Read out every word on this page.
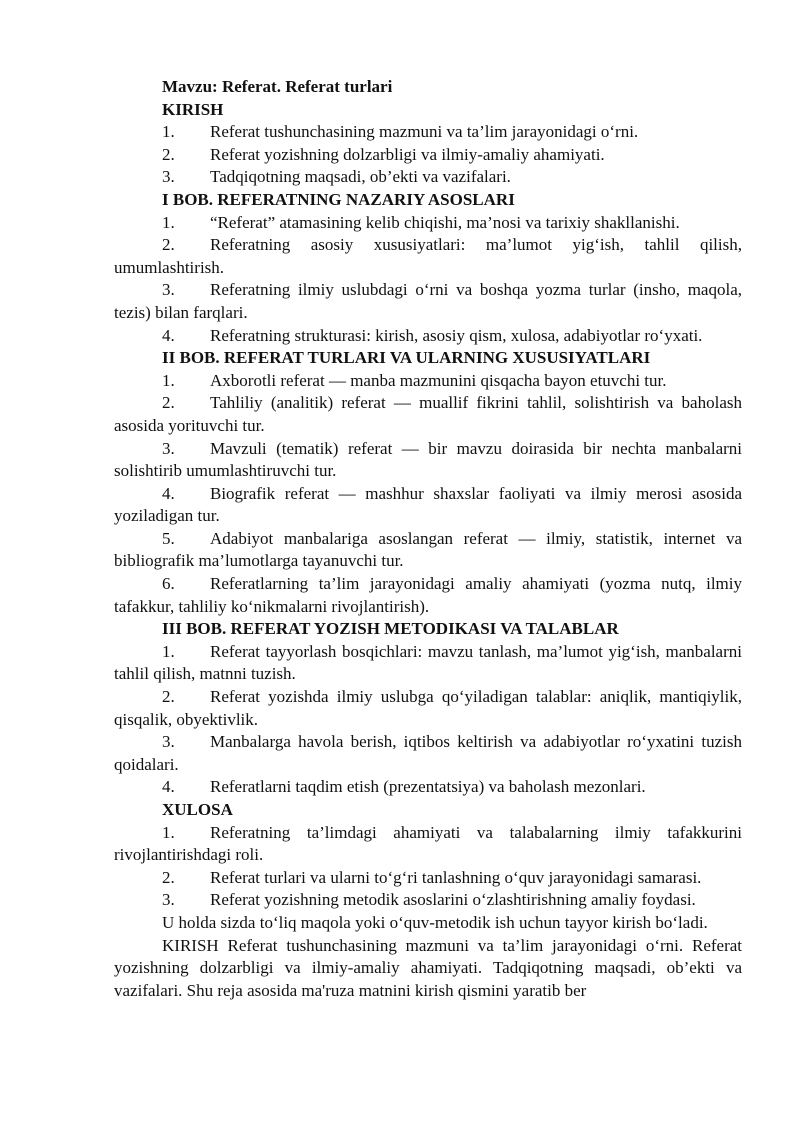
Mavzu: Referat. Referat turlari
KIRISH
1. Referat tushunchasining mazmuni va ta’lim jarayonidagi o‘rni.
2. Referat yozishning dolzarbligi va ilmiy-amaliy ahamiyati.
3. Tadqiqotning maqsadi, ob’ekti va vazifalari.
I BOB. REFERATNING NAZARIY ASOSLARI
1. “Referat” atamasining kelib chiqishi, ma’nosi va tarixiy shakllanishi.
2. Referatning asosiy xususiyatlari: ma’lumot yig‘ish, tahlil qilish, umumlashtirish.
3. Referatning ilmiy uslubdagi o‘rni va boshqa yozma turlar (insho, maqola, tezis) bilan farqlari.
4. Referatning strukturasi: kirish, asosiy qism, xulosa, adabiyotlar ro‘yxati.
II BOB. REFERAT TURLARI VA ULARNING XUSUSIYATLARI
1. Axborotli referat — manba mazmunini qisqacha bayon etuvchi tur.
2. Tahliliy (analitik) referat — muallif fikrini tahlil, solishtirish va baholash asosida yorituvchi tur.
3. Mavzuli (tematik) referat — bir mavzu doirasida bir nechta manbalarni solishtirib umumlashtiruvchi tur.
4. Biografik referat — mashhur shaxslar faoliyati va ilmiy merosi asosida yoziladigan tur.
5. Adabiyot manbalariga asoslangan referat — ilmiy, statistik, internet va bibliografik ma’lumotlarga tayanuvchi tur.
6. Referatlarning ta’lim jarayonidagi amaliy ahamiyati (yozma nutq, ilmiy tafakkur, tahliliy ko‘nikmalarni rivojlantirish).
III BOB. REFERAT YOZISH METODIKASI VA TALABLAR
1. Referat tayyorlash bosqichlari: mavzu tanlash, ma’lumot yig‘ish, manbalarni tahlil qilish, matnni tuzish.
2. Referat yozishda ilmiy uslubga qo‘yiladigan talablar: aniqlik, mantiqiylik, qisqalik, obyektivlik.
3. Manbalarga havola berish, iqtibos keltirish va adabiyotlar ro‘yxatini tuzish qoidalari.
4. Referatlarni taqdim etish (prezentatsiya) va baholash mezonlari.
XULOSA
1. Referatning ta’limdagi ahamiyati va talabalarning ilmiy tafakkurini rivojlantirishdagi roli.
2. Referat turlari va ularni to‘g‘ri tanlashning o‘quv jarayonidagi samarasi.
3. Referat yozishning metodik asoslarini o‘zlashtirishning amaliy foydasi.
U holda sizda to‘liq maqola yoki o‘quv-metodik ish uchun tayyor kirish bo‘ladi.
KIRISH Referat tushunchasining mazmuni va ta’lim jarayonidagi o‘rni. Referat yozishning dolzarbligi va ilmiy-amaliy ahamiyati. Tadqiqotning maqsadi, ob’ekti va vazifalari. Shu reja asosida ma'ruza matnini kirish qismini yaratib ber
